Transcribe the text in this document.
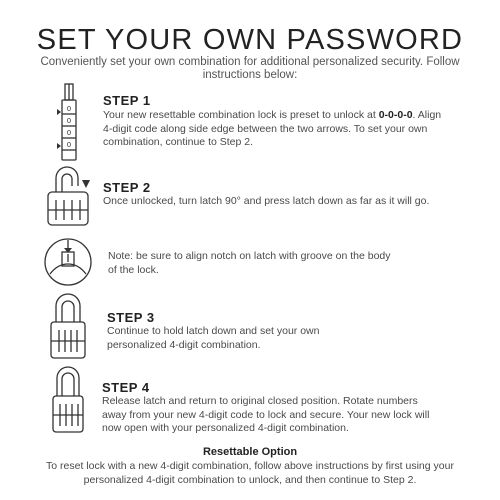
SET YOUR OWN PASSWORD
Conveniently set your own combination for additional personalized security. Follow instructions below:
0
0
0
0
STEP 1
Your new resettable combination lock is preset to unlock at 0-0-0-0. Align 4-digit code along side edge between the two arrows. To set your own combination, continue to Step 2.
STEP 2
Once unlocked, turn latch 90° and press latch down as far as it will go.
Note: be sure to align notch on latch with groove on the body of the lock.
STEP 3
Continue to hold latch down and set your own personalized 4-digit combination.
STEP 4
Release latch and return to original closed position. Rotate numbers away from your new 4-digit code to lock and secure. Your new lock will now open with your personalized 4-digit combination.
Resettable Option
To reset lock with a new 4-digit combination, follow above instructions by first using your personalized 4-digit combination to unlock, and then continue to Step 2.
